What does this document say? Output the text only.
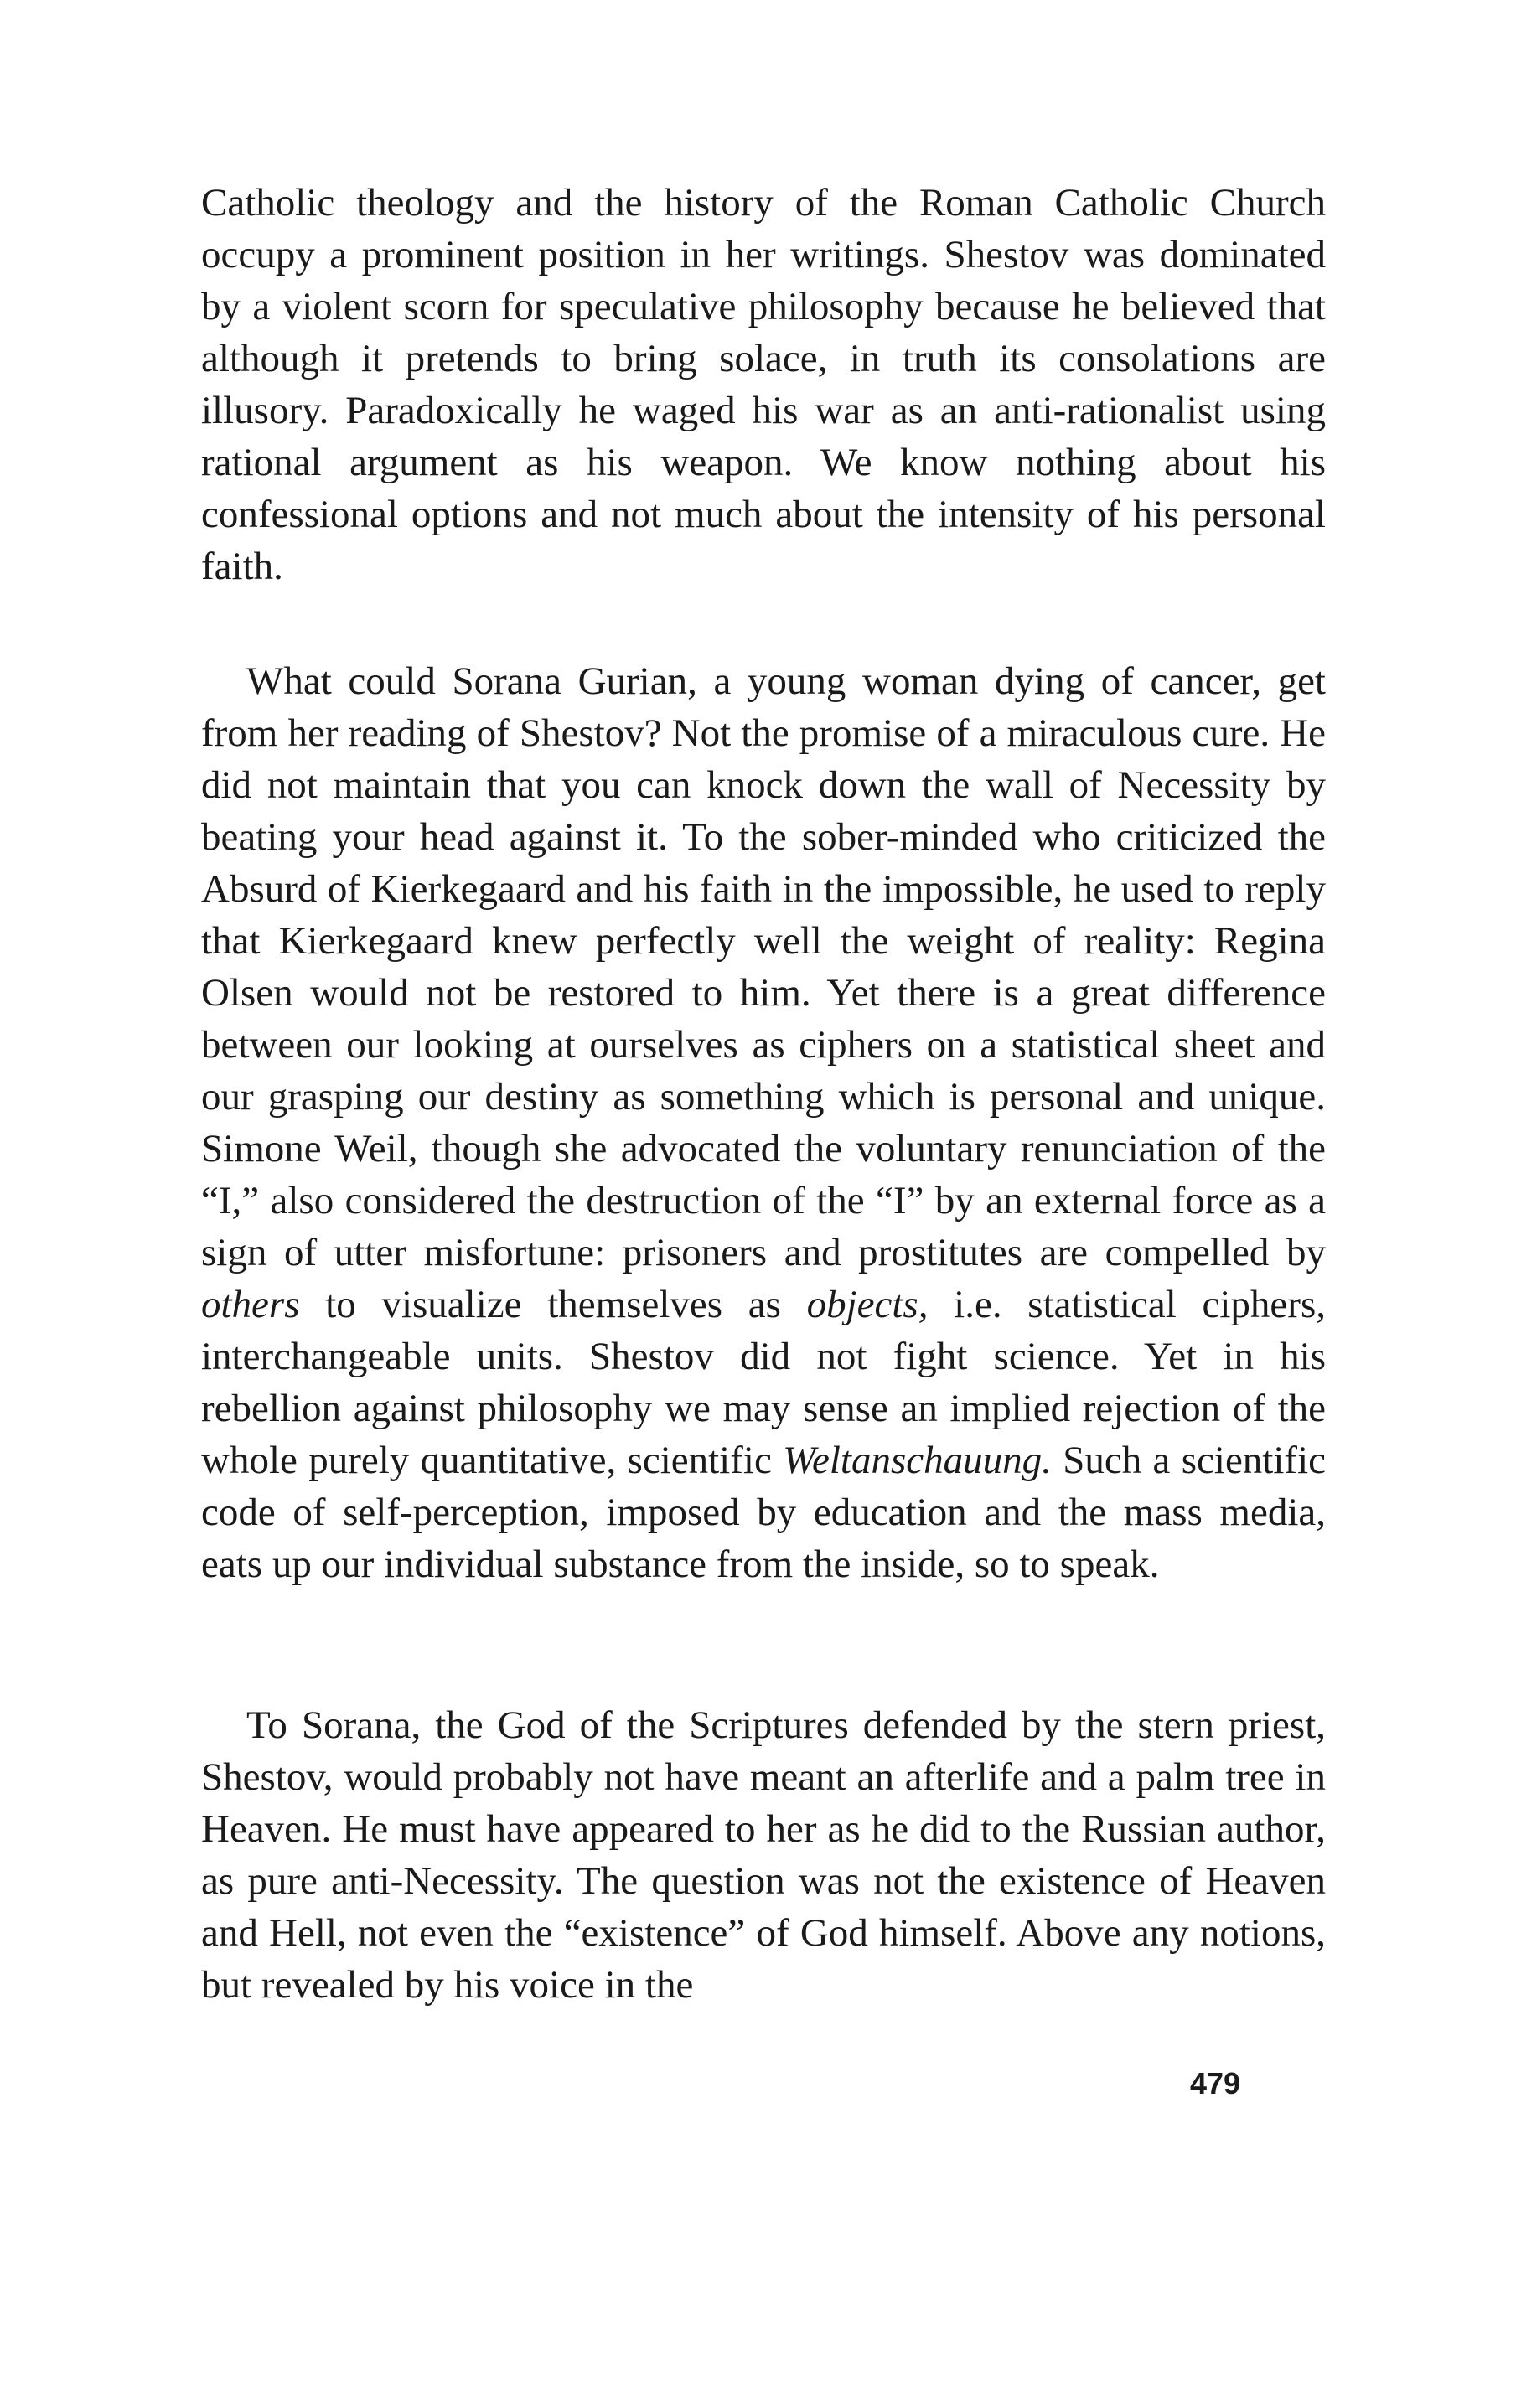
Catholic theology and the history of the Roman Catholic Church occupy a prominent position in her writings. Shestov was dominated by a violent scorn for speculative philosophy because he believed that although it pretends to bring solace, in truth its consolations are illusory. Paradoxically he waged his war as an anti-rationalist using rational argument as his weapon. We know nothing about his confessional options and not much about the intensity of his personal faith.
What could Sorana Gurian, a young woman dying of cancer, get from her reading of Shestov? Not the promise of a miraculous cure. He did not maintain that you can knock down the wall of Necessity by beating your head against it. To the sober-minded who criticized the Absurd of Kierkegaard and his faith in the impossible, he used to reply that Kierkegaard knew perfectly well the weight of reality: Regina Olsen would not be restored to him. Yet there is a great difference between our looking at ourselves as ciphers on a statistical sheet and our grasping our destiny as something which is personal and unique. Simone Weil, though she advocated the voluntary renunciation of the “I,” also considered the destruction of the “I” by an external force as a sign of utter misfortune: prisoners and prostitutes are compelled by others to visualize themselves as objects, i.e. statistical ciphers, interchangeable units. Shestov did not fight science. Yet in his rebellion against philosophy we may sense an implied rejection of the whole purely quantitative, scientific Weltanschauung. Such a scientific code of self-perception, imposed by education and the mass media, eats up our individual substance from the inside, so to speak.
To Sorana, the God of the Scriptures defended by the stern priest, Shestov, would probably not have meant an afterlife and a palm tree in Heaven. He must have appeared to her as he did to the Russian author, as pure anti-Necessity. The question was not the existence of Heaven and Hell, not even the “existence” of God himself. Above any notions, but revealed by his voice in the
479
